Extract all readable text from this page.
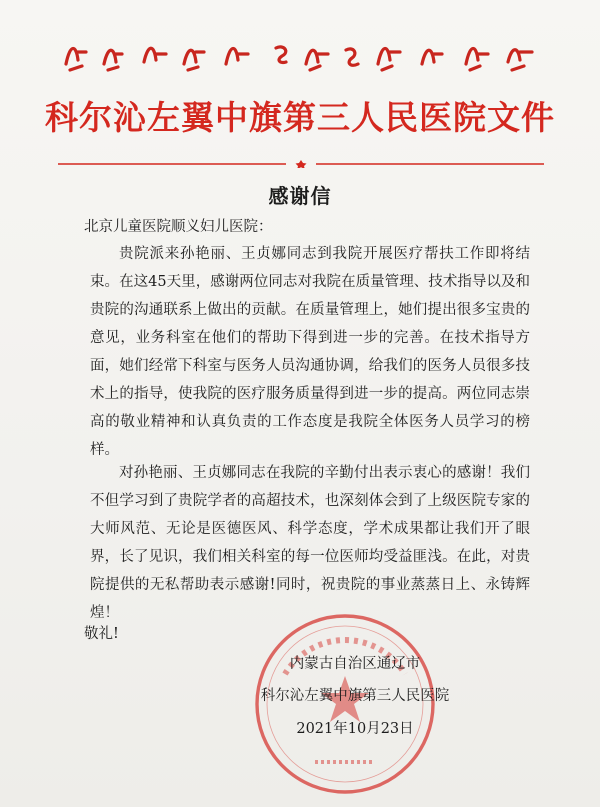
科尔沁左翼中旗第三人民医院文件
感谢信
北京儿童医院顺义妇儿医院：
贵院派来孙艳丽、王贞娜同志到我院开展医疗帮扶工作即将结束。在这45天里，感谢两位同志对我院在质量管理、技术指导以及和贵院的沟通联系上做出的贡献。在质量管理上，她们提出很多宝贵的意见，业务科室在他们的帮助下得到进一步的完善。在技术指导方面，她们经常下科室与医务人员沟通协调，给我们的医务人员很多技术上的指导，使我院的医疗服务质量得到进一步的提高。两位同志崇高的敬业精神和认真负责的工作态度是我院全体医务人员学习的榜样。
对孙艳丽、王贞娜同志在我院的辛勤付出表示衷心的感谢！我们不但学习到了贵院学者的高超技术，也深刻体会到了上级医院专家的大师风范、无论是医德医风、科学态度，学术成果都让我们开了眼界，长了见识，我们相关科室的每一位医师均受益匪浅。在此，对贵院提供的无私帮助表示感谢!同时，祝贵院的事业蒸蒸日上、永铸辉煌！
敬礼!
内蒙古自治区通辽市
科尔沁左翼中旗第三人民医院
2021年10月23日
